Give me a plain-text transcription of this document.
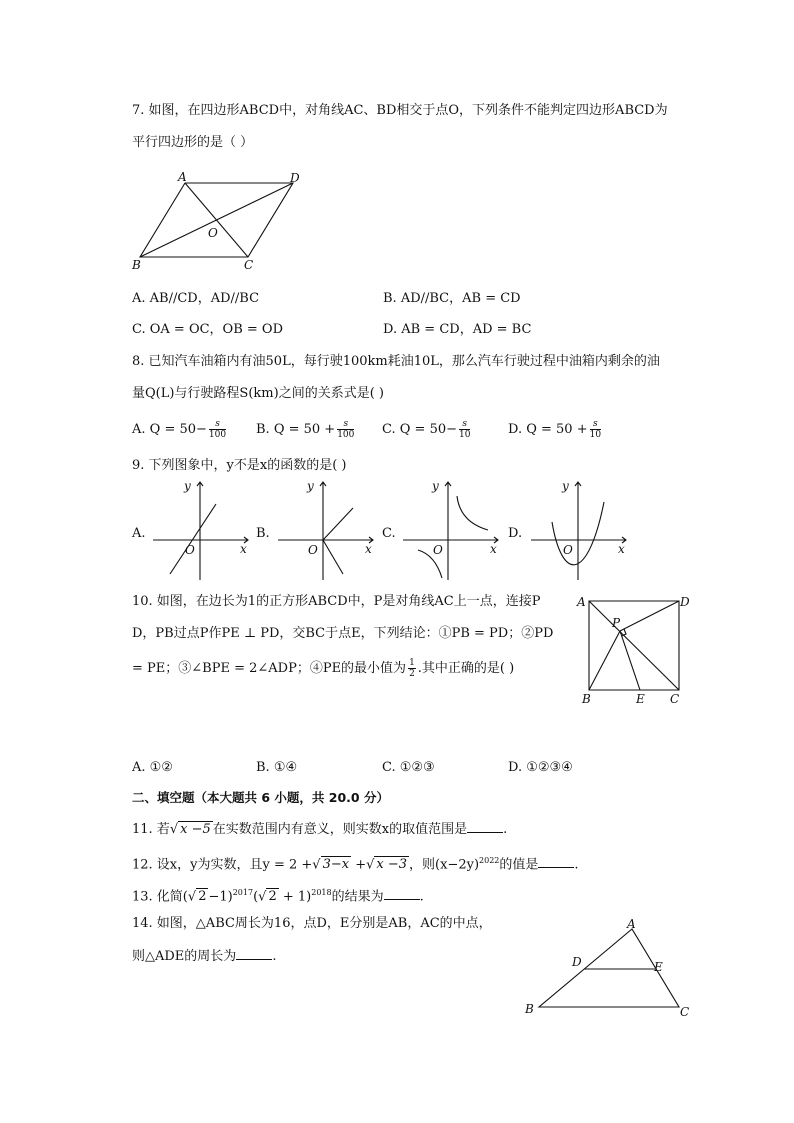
7. 如图，在四边形ABCD中，对角线AC、BD相交于点O，下列条件不能判定四边形ABCD为
平行四边形的是（ ）
A	D
B	C
O
A. AB//CD，AD//BC	B. AD//BC，AB = CD
C. OA = OC，OB = OD	D. AB = CD，AD = BC
8. 已知汽车油箱内有油50L，每行驶100km耗油10L，那么汽车行驶过程中油箱内剩余的油
量Q(L)与行驶路程S(km)之间的关系式是( )
A. $Q = 50- \frac{s}{100} B$. $Q = 50 + \frac{s}{100} C$. $Q = 50- \frac{s}{10}$	D. $Q = 50 + \frac{s}{10}$
9. 下列图象中，y不是x的函数的是( )
A.
y
x
O
B.
y
x
O
C.
y
x
O
D.
y
x
O
10. 如图，在边长为1的正方形ABCD中，P是对角线AC上一点，连接P
D，PB过点P作PE ⊥ PD，交BC于点E，下列结论：①PB = PD；②PD
= PE；③∠BPE = 2∠ADP；④PE的最小值为 $\frac{1}{2}$ .其中正确的是( )
A	D
B	E C
P
A. ①②	B. ①④	C. ①②③	D. ①②③④
二、填空题（本大题共 6 小题，共 20.0 分）
11. 若√ x −5 在实数范围内有意义，则实数x的取值范围是	.
12. 设x，y为实数，且y = 2 +√ 3−x +√ x −3 ，则$(x-2y)^{2022}$的值是	.
13. 化简(√ 2 −1)$^{2017}$(√ 2 + 1)$^{2018}$的结果为	.
14. 如图，△ABC周长为16，点D，E分别是AB，AC的中点，
则△ADE的周长为	.
A
B	C
D	E
